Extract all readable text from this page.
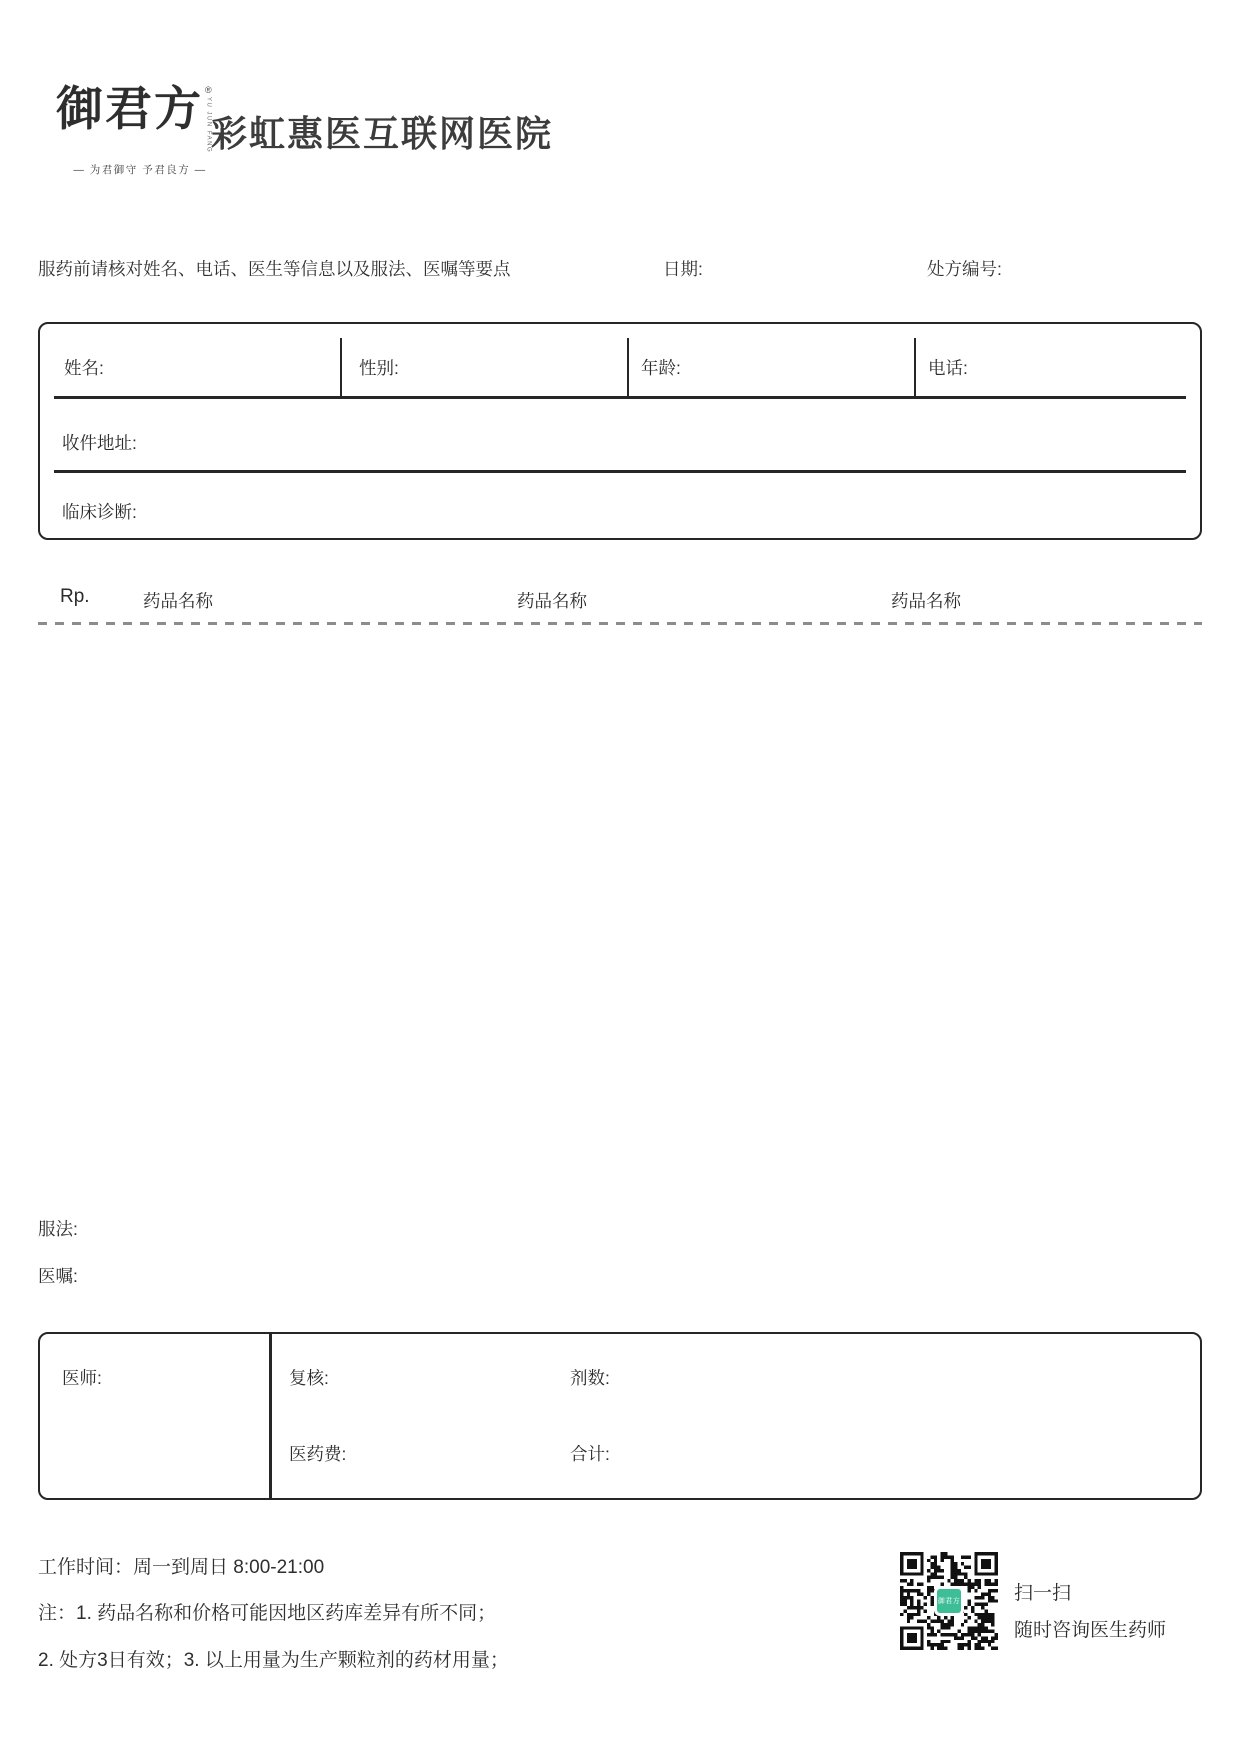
御君方 ®
YU JUN FANG
— 为君御守 予君良方 —
彩虹惠医互联网医院
服药前请核对姓名、电话、医生等信息以及服法、医嘱等要点	日期:	处方编号:
姓名:	性别:	年龄:	电话:
收件地址:
临床诊断:
Rp.	药品名称	药品名称	药品名称
服法:
医嘱:
医师:	复核:	剂数:
医药费:	合计:
工作时间：周一到周日 8:00-21:00
注：1. 药品名称和价格可能因地区药库差异有所不同；
2. 处方3日有效；3. 以上用量为生产颗粒剂的药材用量；
御君方	扫一扫
随时咨询医生药师
